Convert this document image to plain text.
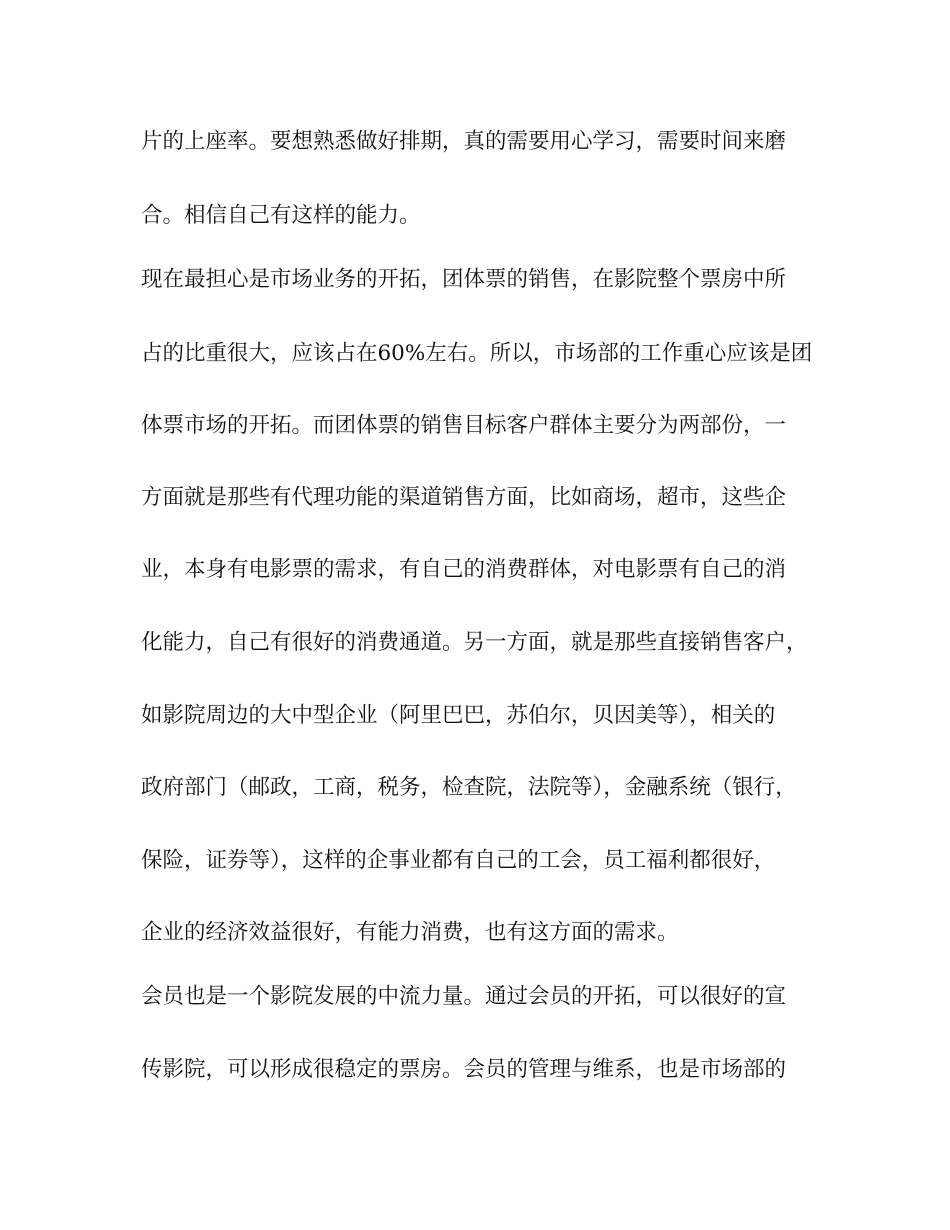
片的上座率。要想熟悉做好排期，真的需要用心学习，需要时间来磨
合。相信自己有这样的能力。
现在最担心是市场业务的开拓，团体票的销售，在影院整个票房中所
占的比重很大，应该占在60%左右。所以，市场部的工作重心应该是团
体票市场的开拓。而团体票的销售目标客户群体主要分为两部份，一
方面就是那些有代理功能的渠道销售方面，比如商场，超市，这些企
业，本身有电影票的需求，有自己的消费群体，对电影票有自己的消
化能力，自己有很好的消费通道。另一方面，就是那些直接销售客户，
如影院周边的大中型企业（阿里巴巴，苏伯尔，贝因美等），相关的
政府部门（邮政，工商，税务，检查院，法院等），金融系统（银行，
保险，证券等），这样的企事业都有自己的工会，员工福利都很好，
企业的经济效益很好，有能力消费，也有这方面的需求。
会员也是一个影院发展的中流力量。通过会员的开拓，可以很好的宣
传影院，可以形成很稳定的票房。会员的管理与维系，也是市场部的
